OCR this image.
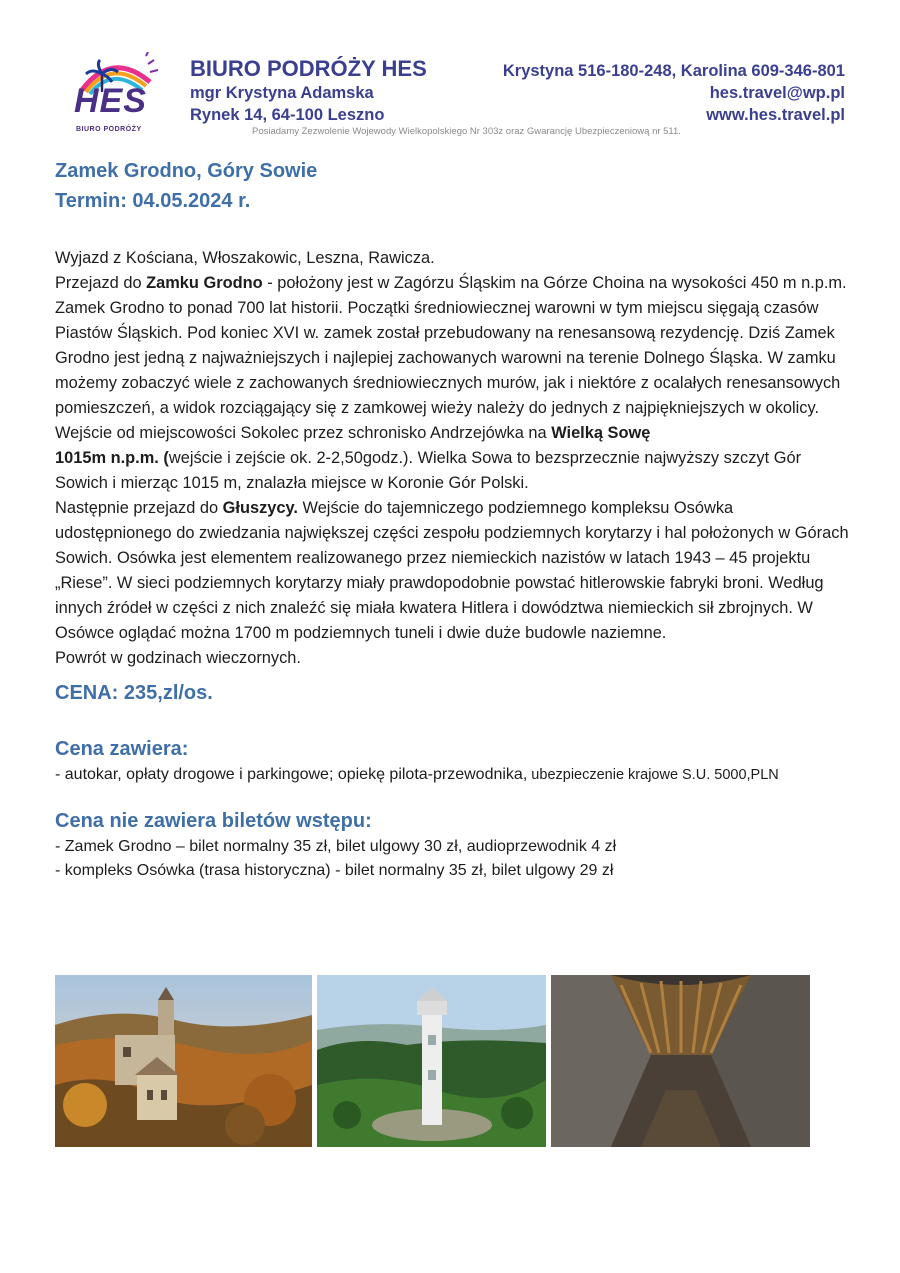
HES
BIURO PODRÓŻY
BIURO PODRÓŻY HES
mgr Krystyna Adamska
Rynek 14, 64-100 Leszno
Krystyna 516-180-248, Karolina 609-346-801
hes.travel@wp.pl
www.hes.travel.pl
Posiadamy Zezwolenie Wojewody Wielkopolskiego Nr 303z oraz Gwarancję Ubezpieczeniową nr 511.
Zamek Grodno, Góry Sowie
Termin: 04.05.2024 r.

Wyjazd z Kościana, Włoszakowic, Leszna, Rawicza.

Przejazd do Zamku Grodno - położony jest w Zagórzu Śląskim na Górze Choina na wysokości 450 m n.p.m. Zamek Grodno to ponad 700 lat historii. Początki średniowiecznej warowni w tym miejscu sięgają czasów Piastów Śląskich. Pod koniec XVI w. zamek został przebudowany na renesansową rezydencję. Dziś Zamek Grodno jest jedną z najważniejszych i najlepiej zachowanych warowni na terenie Dolnego Śląska. W zamku możemy zobaczyć wiele z zachowanych średniowiecznych murów, jak i niektóre z ocalałych renesansowych pomieszczeń, a widok rozciągający się z zamkowej wieży należy do jednych z najpiękniejszych w okolicy.

Wejście od miejscowości Sokolec przez schronisko Andrzejówka na Wielką Sowę
1015m n.p.m. (wejście i zejście ok. 2-2,50godz.). Wielka Sowa to bezsprzecznie najwyższy szczyt Gór Sowich i mierząc 1015 m, znalazła miejsce w Koronie Gór Polski.

Następnie przejazd do Głuszycy. Wejście do tajemniczego podziemnego kompleksu Osówka udostępnionego do zwiedzania największej części zespołu podziemnych korytarzy i hal położonych w Górach Sowich. Osówka jest elementem realizowanego przez niemieckich nazistów w latach 1943 – 45 projektu „Riese”. W sieci podziemnych korytarzy miały prawdopodobnie powstać hitlerowskie fabryki broni. Według innych źródeł w części z nich znaleźć się miała kwatera Hitlera i dowództwa niemieckich sił zbrojnych. W Osówce oglądać można 1700 m podziemnych tuneli i dwie duże budowle naziemne.

Powrót w godzinach wieczornych.

CENA: 235,zl/os.
Cena zawiera:
- autokar, opłaty drogowe i parkingowe; opiekę pilota-przewodnika, ubezpieczenie krajowe S.U. 5000,PLN
Cena nie zawiera biletów wstępu:
- Zamek Grodno – bilet normalny 35 zł, bilet ulgowy 30 zł, audioprzewodnik 4 zł
- kompleks Osówka (trasa historyczna) - bilet normalny 35 zł, bilet ulgowy 29 zł
